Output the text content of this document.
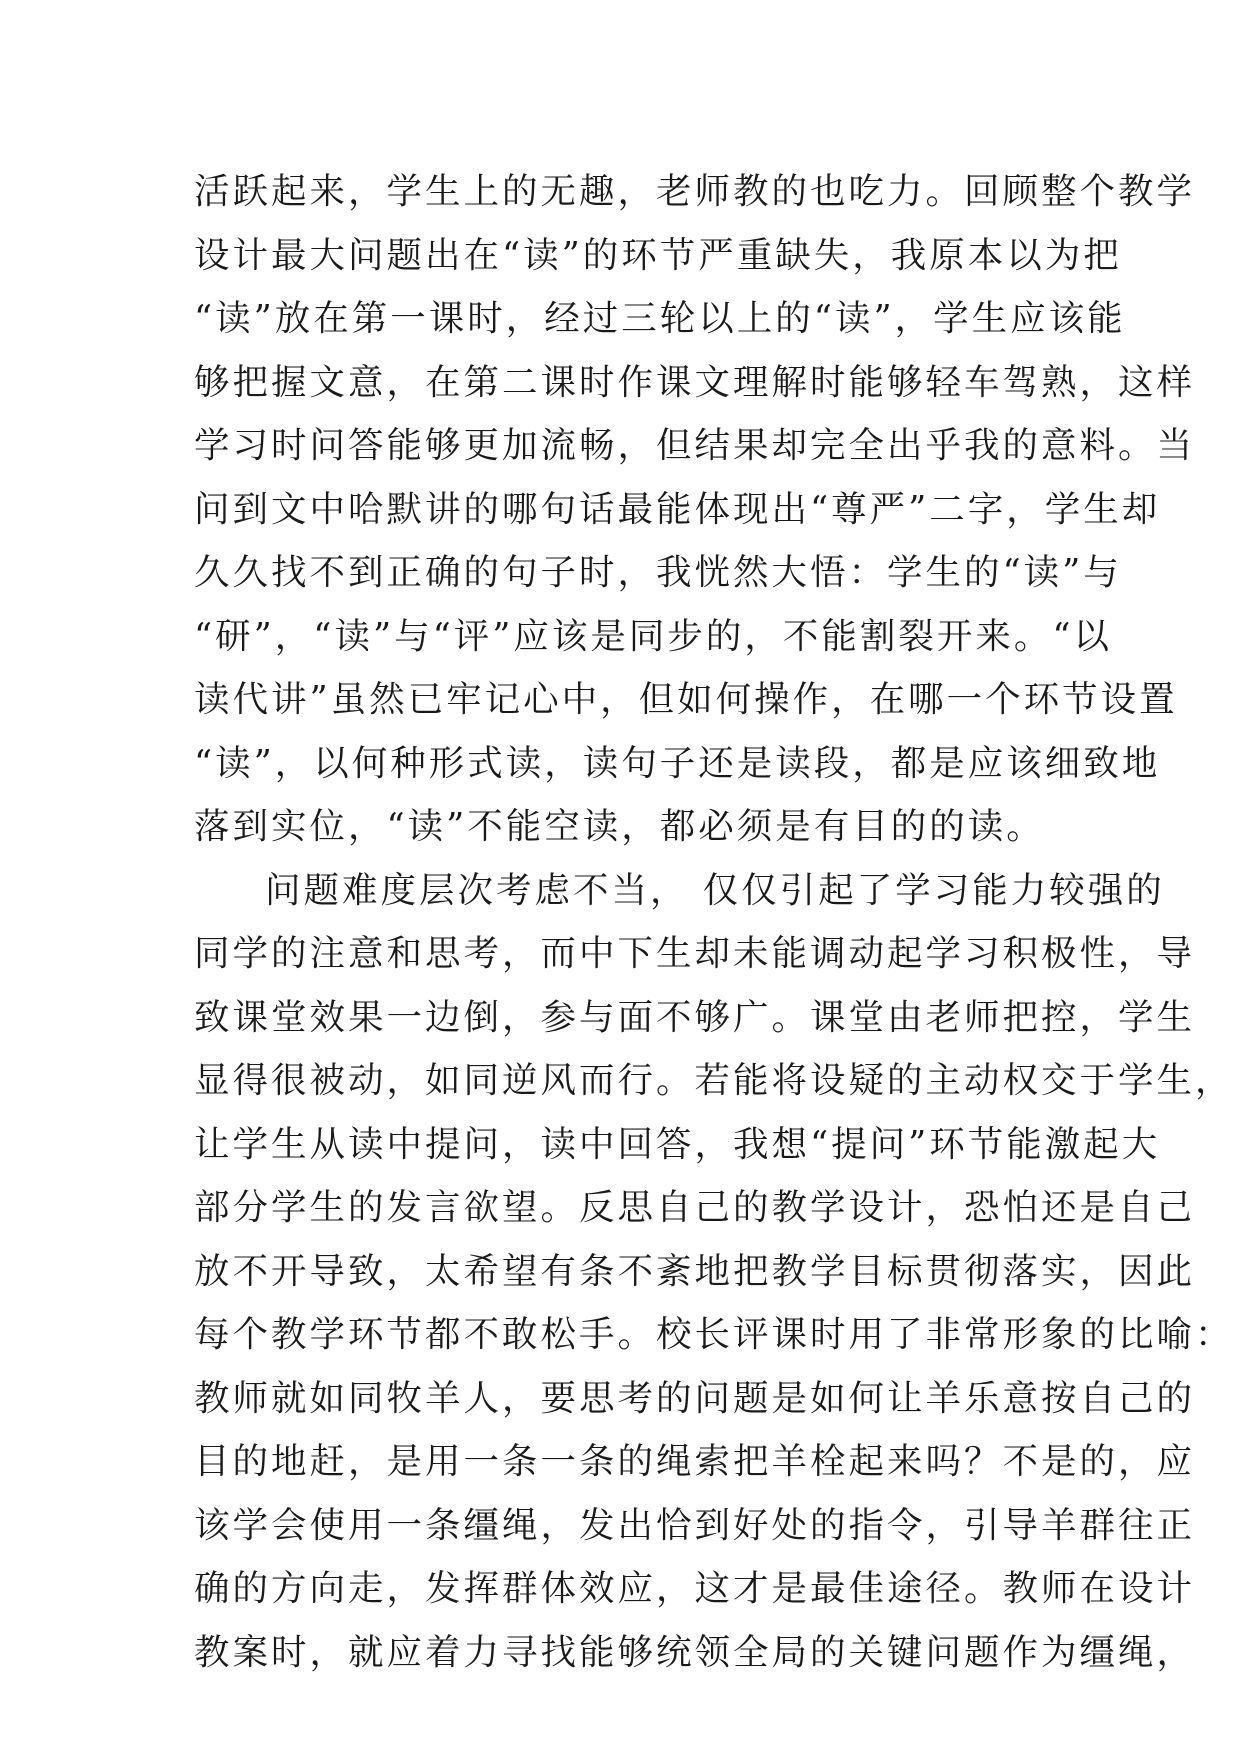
活跃起来，学生上的无趣，老师教的也吃力。回顾整个教学
设计最大问题出在“读”的环节严重缺失，我原本以为把
“读”放在第一课时，经过三轮以上的“读”，学生应该能
够把握文意，在第二课时作课文理解时能够轻车驾熟，这样
学习时问答能够更加流畅，但结果却完全出乎我的意料。当
问到文中哈默讲的哪句话最能体现出“尊严”二字，学生却
久久找不到正确的句子时，我恍然大悟：学生的“读”与
“研”，“读”与“评”应该是同步的，不能割裂开来。“以
读代讲”虽然已牢记心中，但如何操作，在哪一个环节设置
“读”，以何种形式读，读句子还是读段，都是应该细致地
落到实位，“读”不能空读，都必须是有目的的读。
问题难度层次考虑不当， 仅仅引起了学习能力较强的
同学的注意和思考，而中下生却未能调动起学习积极性，导
致课堂效果一边倒，参与面不够广。课堂由老师把控，学生
显得很被动，如同逆风而行。若能将设疑的主动权交于学生，
让学生从读中提问，读中回答，我想“提问”环节能激起大
部分学生的发言欲望。反思自己的教学设计，恐怕还是自己
放不开导致，太希望有条不紊地把教学目标贯彻落实，因此
每个教学环节都不敢松手。校长评课时用了非常形象的比喻：
教师就如同牧羊人，要思考的问题是如何让羊乐意按自己的
目的地赶，是用一条一条的绳索把羊栓起来吗？不是的，应
该学会使用一条缰绳，发出恰到好处的指令，引导羊群往正
确的方向走，发挥群体效应，这才是最佳途径。教师在设计
教案时，就应着力寻找能够统领全局的关键问题作为缰绳，
